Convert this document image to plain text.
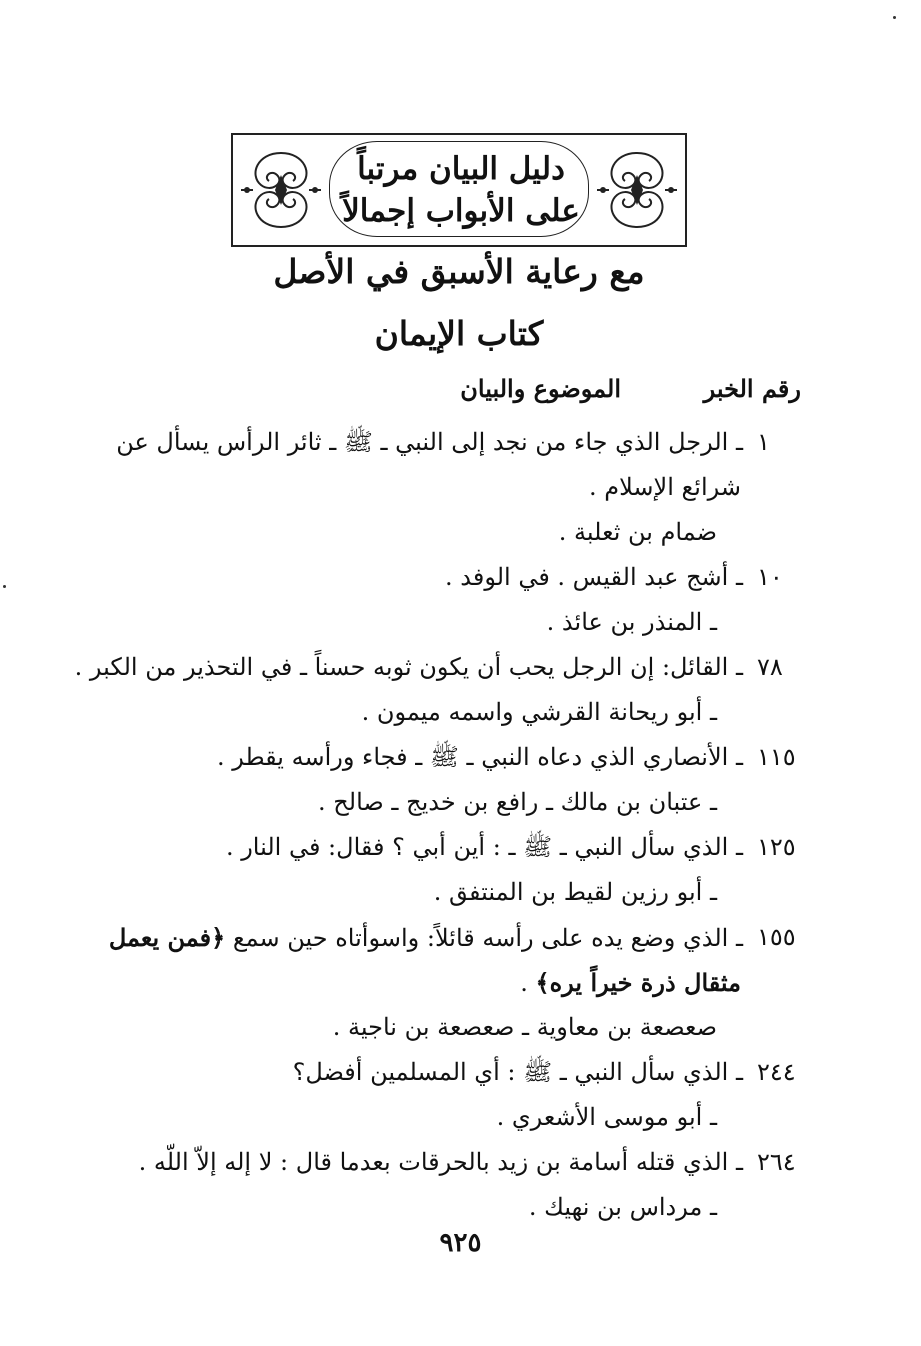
دليل البيان مرتباً
على الأبواب إجمالاً
مع رعاية الأسبق في الأصل
كتاب الإيمان
رقم الخبر
الموضوع والبيان
١
ـ الرجل الذي جاء من نجد إلى النبي ـ ﷺ ـ ثائر الرأس يسأل عن
شرائع الإسلام .
ضمام بن ثعلبة .
١٠
ـ أشج عبد القيس . في الوفد .
ـ المنذر بن عائذ .
٧٨
ـ القائل: إن الرجل يحب أن يكون ثوبه حسناً ـ في التحذير من الكبر .
ـ أبو ريحانة القرشي واسمه ميمون .
١١٥
ـ الأنصاري الذي دعاه النبي ـ ﷺ ـ فجاء ورأسه يقطر .
ـ عتبان بن مالك ـ رافع بن خديج ـ صالح .
١٢٥
ـ الذي سأل النبي ـ ﷺ ـ : أين أبي ؟ فقال: في النار .
ـ أبو رزين لقيط بن المنتفق .
١٥٥
ـ الذي وضع يده على رأسه قائلاً: واسوأتاه حين سمع ﴿فمن يعمل
مثقال ذرة خيراً يره﴾ .
صعصعة بن معاوية ـ صعصعة بن ناجية .
٢٤٤
ـ الذي سأل النبي ـ ﷺ : أي المسلمين أفضل؟
ـ أبو موسى الأشعري .
٢٦٤
ـ الذي قتله أسامة بن زيد بالحرقات بعدما قال : لا إله إلاّ اللّه .
ـ مرداس بن نهيك .
٩٢٥
